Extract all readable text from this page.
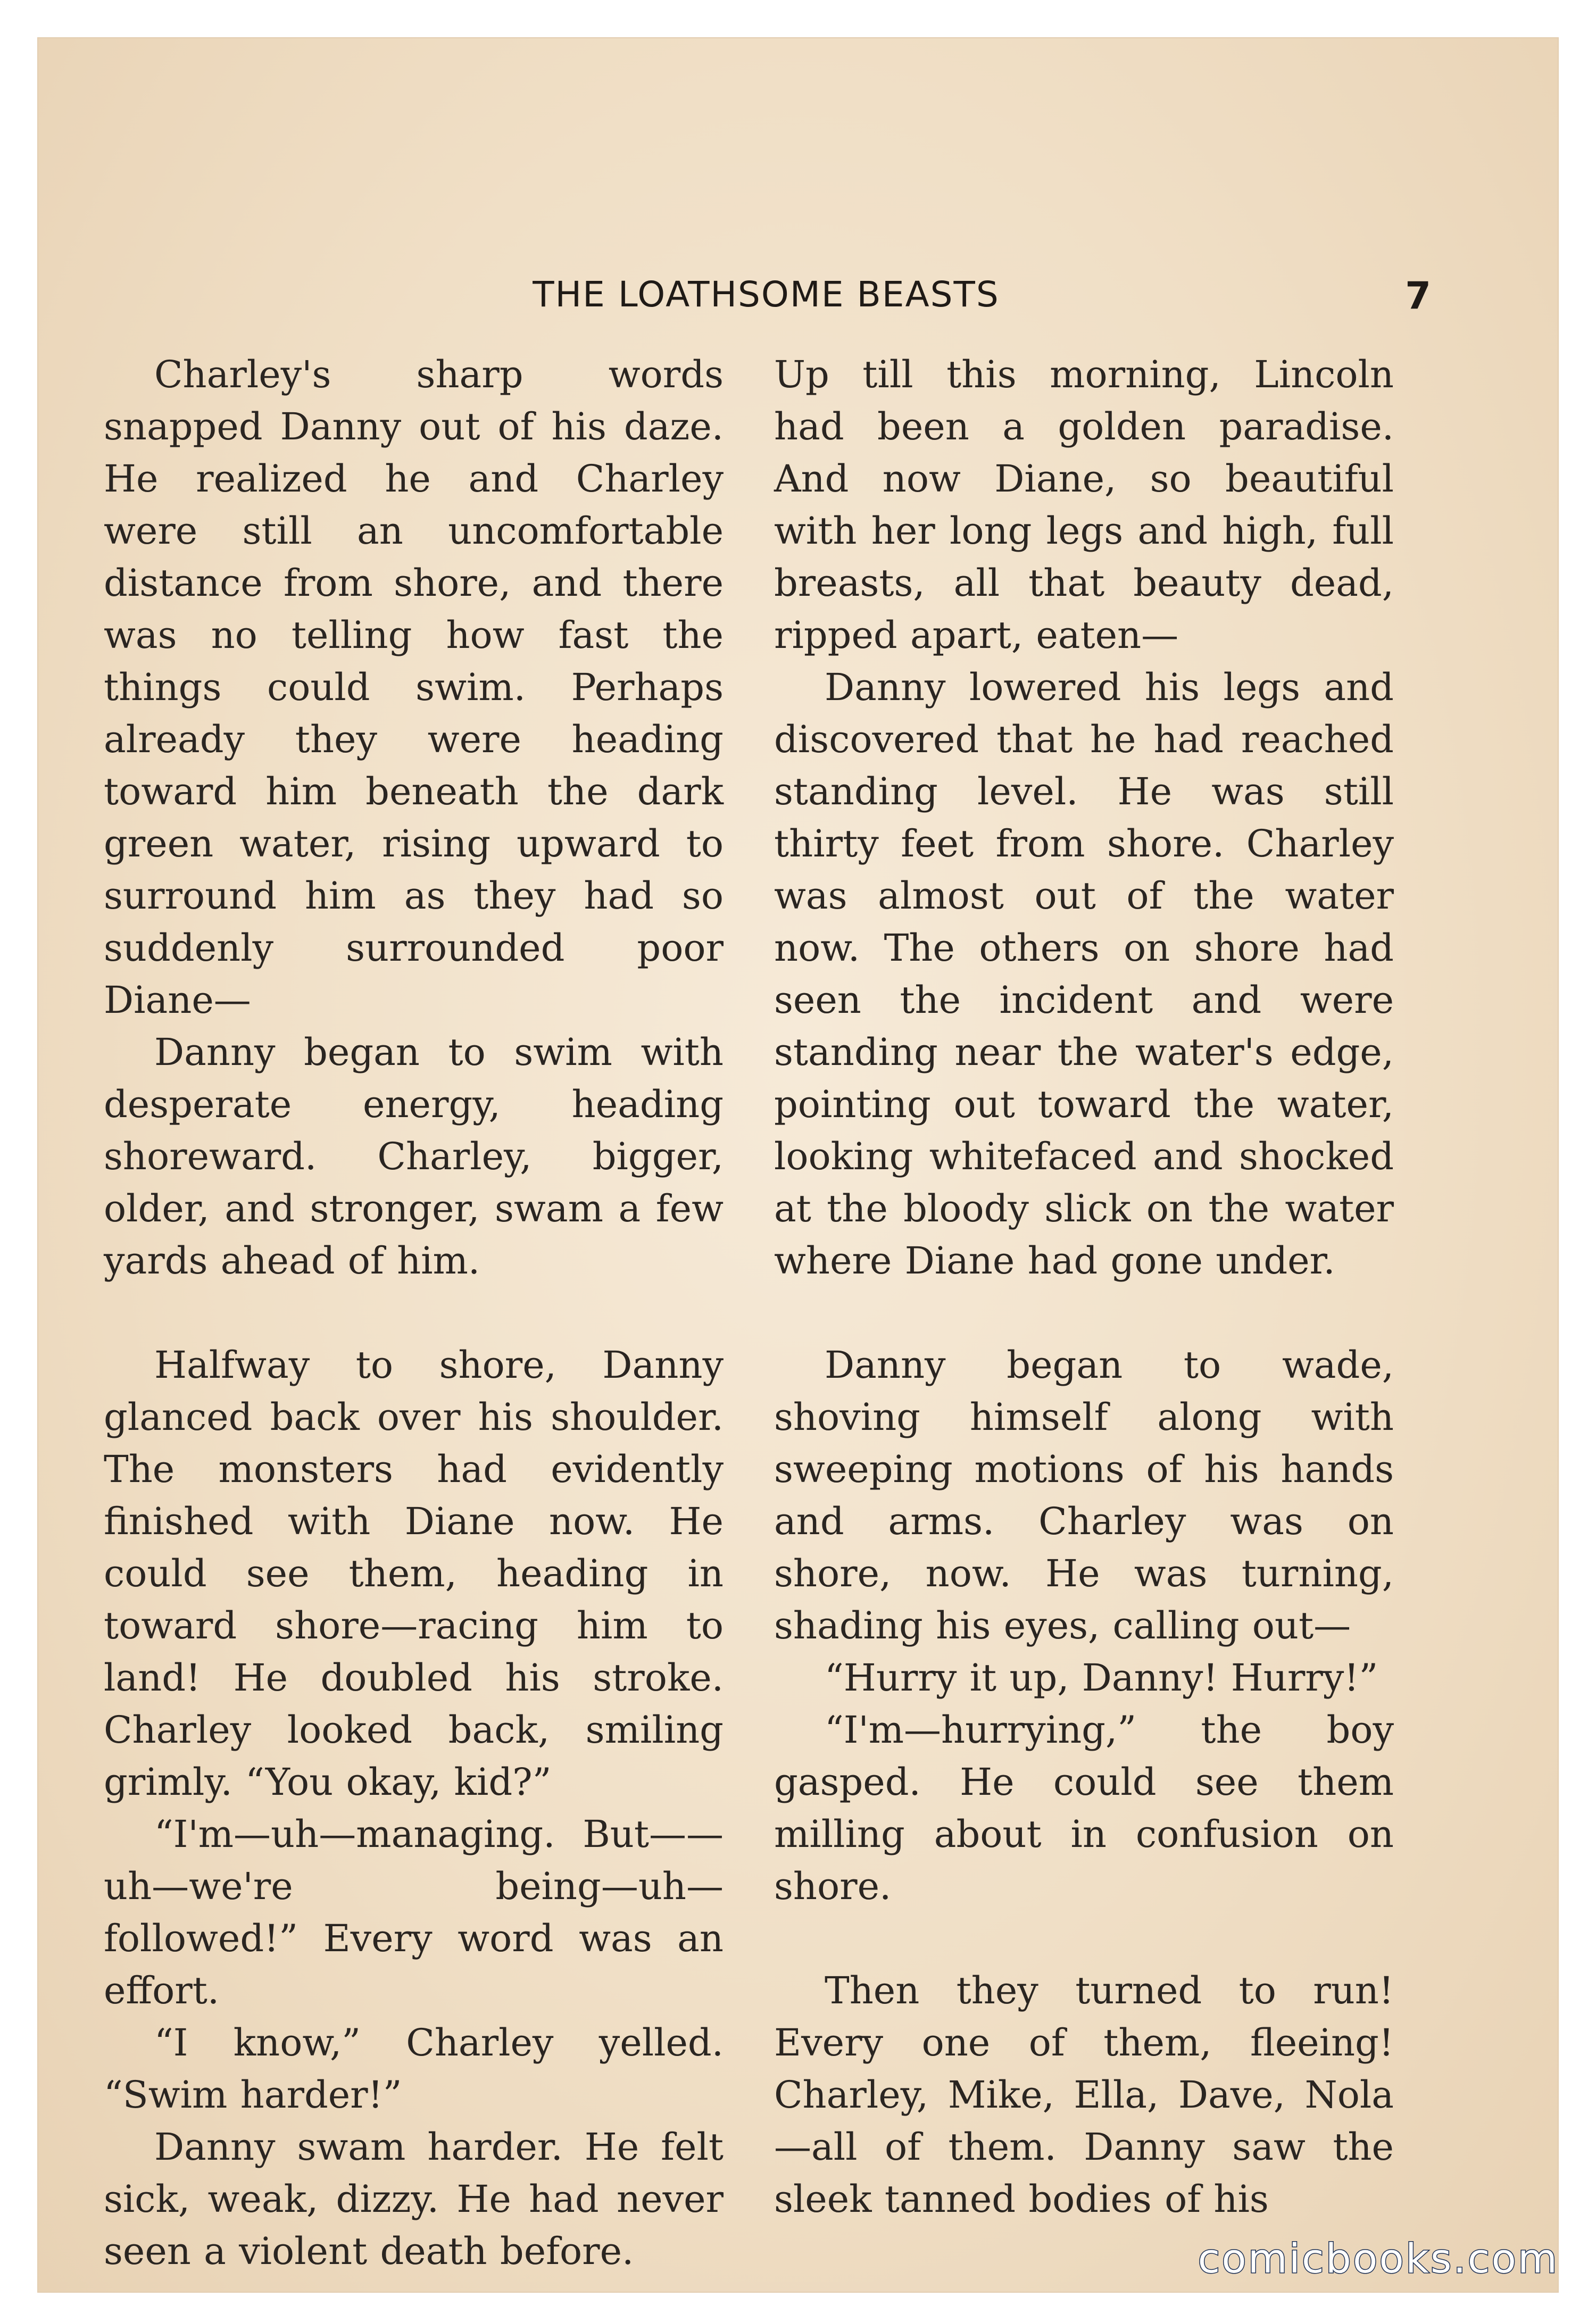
THE LOATHSOME BEASTS	7

Charley's sharp words snapped Danny out of his daze. He realized he and Charley were still an uncomfortable distance from shore, and there was no telling how fast the things could swim. Perhaps already they were heading toward him beneath the dark green water, rising upward to surround him as they had so suddenly surrounded poor Diane—

Danny began to swim with desperate energy, heading shoreward. Charley, bigger, older, and stronger, swam a few yards ahead of him.

Halfway to shore, Danny glanced back over his shoulder. The monsters had evidently finished with Diane now. He could see them, heading in toward shore—racing him to land! He doubled his stroke. Charley looked back, smiling grimly. “You okay, kid?”

“I'm—uh—managing. But——uh—we're being—uh—followed!” Every word was an effort.

“I know,” Charley yelled. “Swim harder!”

Danny swam harder. He felt sick, weak, dizzy. He had never seen a violent death before.

Up till this morning, Lincoln had been a golden paradise. And now Diane, so beautiful with her long legs and high, full breasts, all that beauty dead, ripped apart, eaten—

Danny lowered his legs and discovered that he had reached standing level. He was still thirty feet from shore. Charley was almost out of the water now. The others on shore had seen the incident and were standing near the water's edge, pointing out toward the water, looking whitefaced and shocked at the bloody slick on the water where Diane had gone under.

Danny began to wade, shoving himself along with sweeping motions of his hands and arms. Charley was on shore, now. He was turning, shading his eyes, calling out—

“Hurry it up, Danny! Hurry!”

“I'm—hurrying,” the boy gasped. He could see them milling about in confusion on shore.

Then they turned to run! Every one of them, fleeing! Charley, Mike, Ella, Dave, Nola—all of them. Danny saw the sleek tanned bodies of his

comicbooks.com
